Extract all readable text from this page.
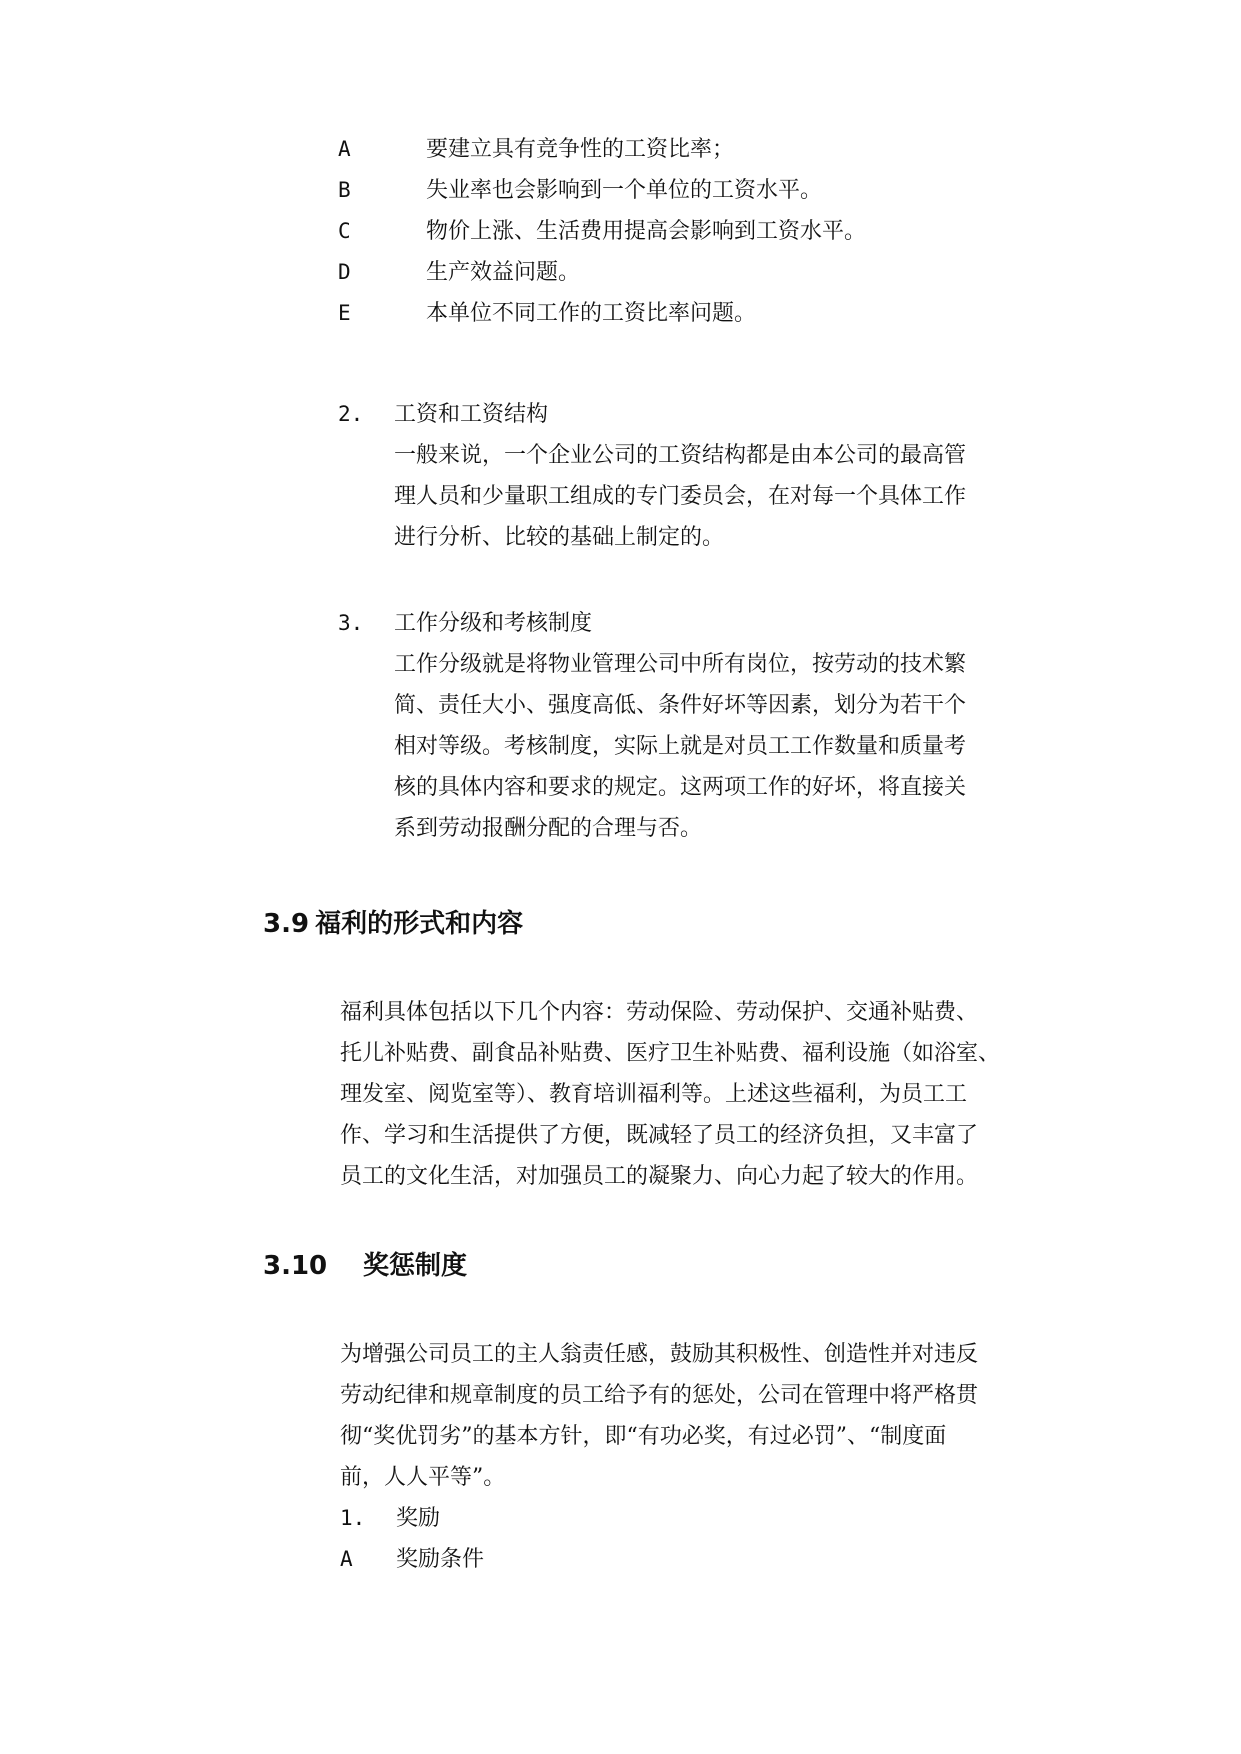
A	要建立具有竞争性的工资比率；
B	失业率也会影响到一个单位的工资水平。
C	物价上涨、生活费用提高会影响到工资水平。
D	生产效益问题。
E	本单位不同工作的工资比率问题。
2. 工资和工资结构
一般来说，一个企业公司的工资结构都是由本公司的最高管
理人员和少量职工组成的专门委员会，在对每一个具体工作
进行分析、比较的基础上制定的。
3. 工作分级和考核制度
工作分级就是将物业管理公司中所有岗位，按劳动的技术繁
简、责任大小、强度高低、条件好坏等因素，划分为若干个
相对等级。考核制度，实际上就是对员工工作数量和质量考
核的具体内容和要求的规定。这两项工作的好坏，将直接关
系到劳动报酬分配的合理与否。
3.9 福利的形式和内容
福利具体包括以下几个内容：劳动保险、劳动保护、交通补贴费、
托儿补贴费、副食品补贴费、医疗卫生补贴费、福利设施（如浴室、
理发室、阅览室等）、教育培训福利等。上述这些福利，为员工工
作、学习和生活提供了方便，既减轻了员工的经济负担，又丰富了
员工的文化生活，对加强员工的凝聚力、向心力起了较大的作用。
3.10 奖惩制度
为增强公司员工的主人翁责任感，鼓励其积极性、创造性并对违反
劳动纪律和规章制度的员工给予有的惩处，公司在管理中将严格贯
彻“奖优罚劣”的基本方针，即“有功必奖，有过必罚”、“制度面
前，人人平等”。
1. 奖励
A 奖励条件
